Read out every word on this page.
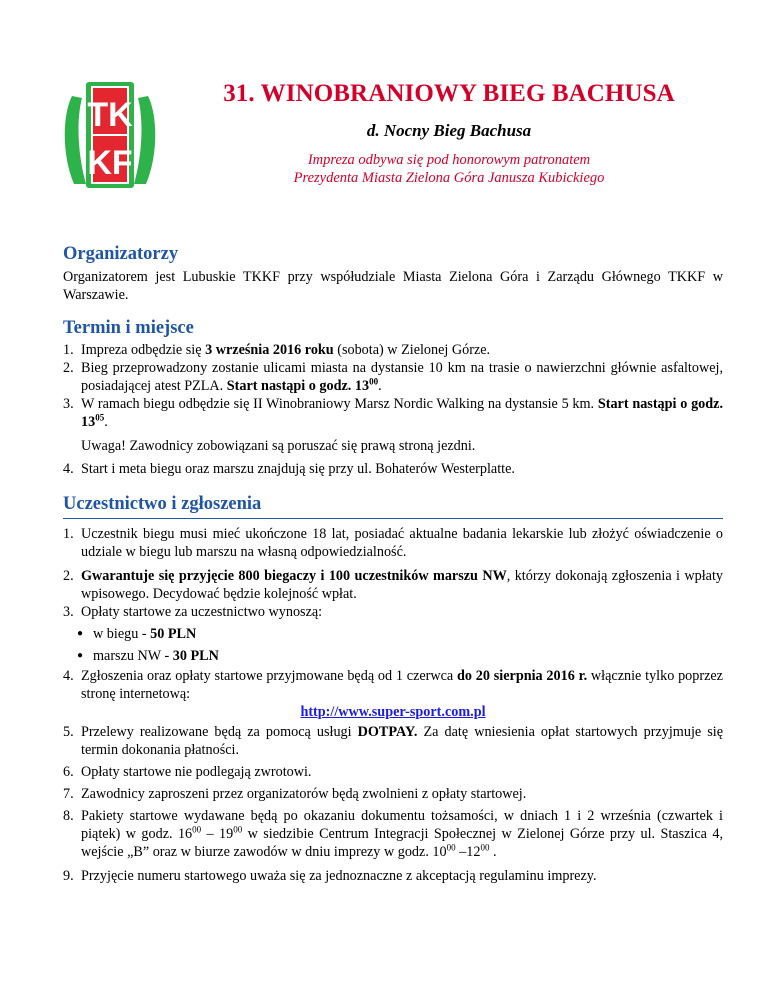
TK
KF
TKKF
31. WINOBRANIOWY BIEG BACHUSA
d. Nocny Bieg Bachusa
Impreza odbywa się pod honorowym patronatem
Prezydenta Miasta Zielona Góra Janusza Kubickiego
Organizatorzy

Organizatorem jest Lubuskie TKKF przy współudziale Miasta Zielona Góra i Zarządu Głównego TKKF w Warszawie.

Termin i miejsce
1. Impreza odbędzie się 3 września 2016 roku (sobota) w Zielonej Górze.
2. Bieg przeprowadzony zostanie ulicami miasta na dystansie 10 km na trasie o nawierzchni głównie asfaltowej, posiadającej atest PZLA. Start nastąpi o godz. $13^{00}$.
3. W ramach biegu odbędzie się II Winobraniowy Marsz Nordic Walking na dystansie 5 km. Start nastąpi o godz. $13^{05}$.
Uwaga! Zawodnicy zobowiązani są poruszać się prawą stroną jezdni.
4. Start i meta biegu oraz marszu znajdują się przy ul. Bohaterów Westerplatte.
Uczestnictwo i zgłoszenia
1. Uczestnik biegu musi mieć ukończone 18 lat, posiadać aktualne badania lekarskie lub złożyć oświadczenie o udziale w biegu lub marszu na własną odpowiedzialność.
2. Gwarantuje się przyjęcie 800 biegaczy i 100 uczestników marszu NW, którzy dokonają zgłoszenia i wpłaty wpisowego. Decydować będzie kolejność wpłat.
3. Opłaty startowe za uczestnictwo wynoszą:
● w biegu - 50 PLN
● marszu NW - 30 PLN
4. Zgłoszenia oraz opłaty startowe przyjmowane będą od 1 czerwca do 20 sierpnia 2016 r. włącznie tylko poprzez stronę internetową:
http://www.super-sport.com.pl
5. Przelewy realizowane będą za pomocą usługi DOTPAY. Za datę wniesienia opłat startowych przyjmuje się termin dokonania płatności.
6. Opłaty startowe nie podlegają zwrotowi.
7. Zawodnicy zaproszeni przez organizatorów będą zwolnieni z opłaty startowej.
8. Pakiety startowe wydawane będą po okazaniu dokumentu tożsamości, w dniach 1 i 2 września (czwartek i piątek) w godz. $16^{00} - 19^{00}$ w siedzibie Centrum Integracji Społecznej w Zielonej Górze przy ul. Staszica 4, wejście „B” oraz w biurze zawodów w dniu imprezy w godz. $10^{00}$ $-12^{00}$ .
9. Przyjęcie numeru startowego uważa się za jednoznaczne z akceptacją regulaminu imprezy.
